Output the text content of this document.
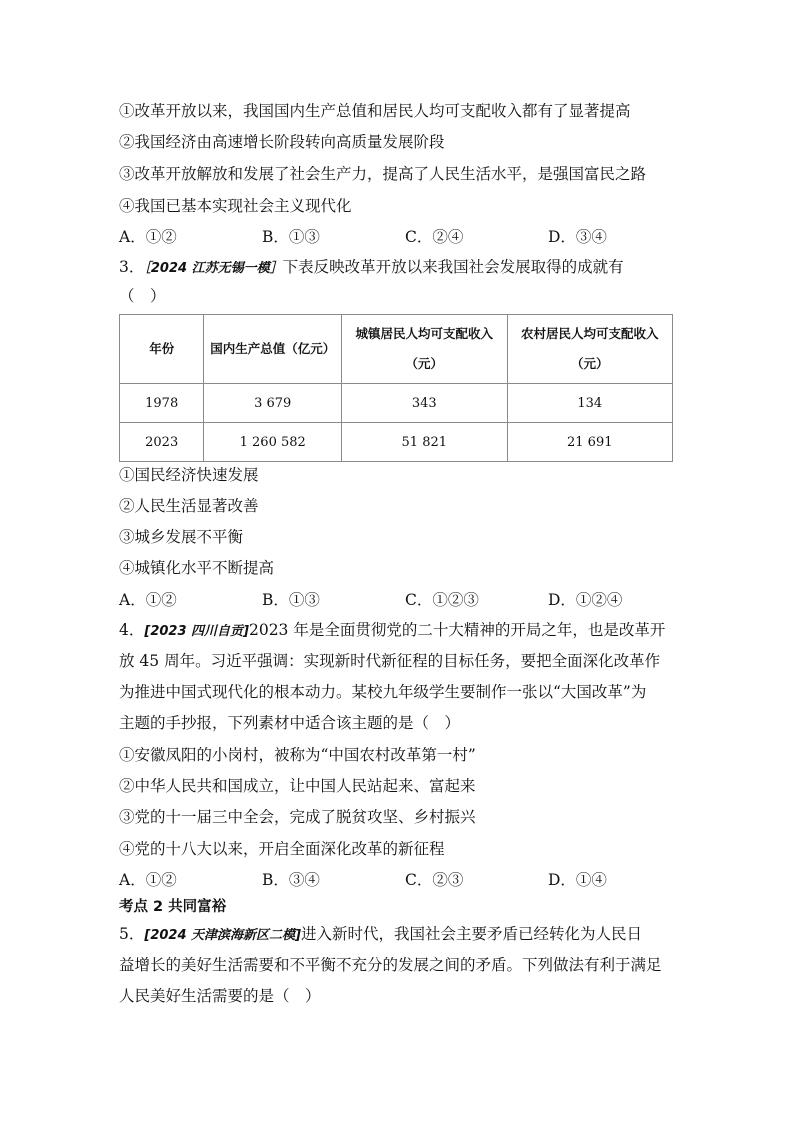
①改革开放以来，我国国内生产总值和居民人均可支配收入都有了显著提高
②我国经济由高速增长阶段转向高质量发展阶段
③改革开放解放和发展了社会生产力，提高了人民生活水平，是强国富民之路
④我国已基本实现社会主义现代化
A．①②	B．①③	C．②④	D．③④
3．［2024 江苏无锡一模］下表反映改革开放以来我国社会发展取得的成就有
（　）
年份	国内生产总值（亿元）	城镇居民人均可支配收入（元）	农村居民人均可支配收入（元）
1978	3 679	343	134
2023	1 260 582	51 821	21 691
①国民经济快速发展
②人民生活显著改善
③城乡发展不平衡
④城镇化水平不断提高
A．①②	B．①③	C．①②③	D．①②④
4．[2023 四川自贡]2023 年是全面贯彻党的二十大精神的开局之年，也是改革开
放 45 周年。习近平强调：实现新时代新征程的目标任务，要把全面深化改革作
为推进中国式现代化的根本动力。某校九年级学生要制作一张以“大国改革”为
主题的手抄报，下列素材中适合该主题的是（　）
①安徽凤阳的小岗村，被称为“中国农村改革第一村”
②中华人民共和国成立，让中国人民站起来、富起来
③党的十一届三中全会，完成了脱贫攻坚、乡村振兴
④党的十八大以来，开启全面深化改革的新征程
A．①②	B．③④	C．②③	D．①④
考点 2 共同富裕
5．[2024 天津滨海新区二模]进入新时代，我国社会主要矛盾已经转化为人民日
益增长的美好生活需要和不平衡不充分的发展之间的矛盾。下列做法有利于满足
人民美好生活需要的是（　）
